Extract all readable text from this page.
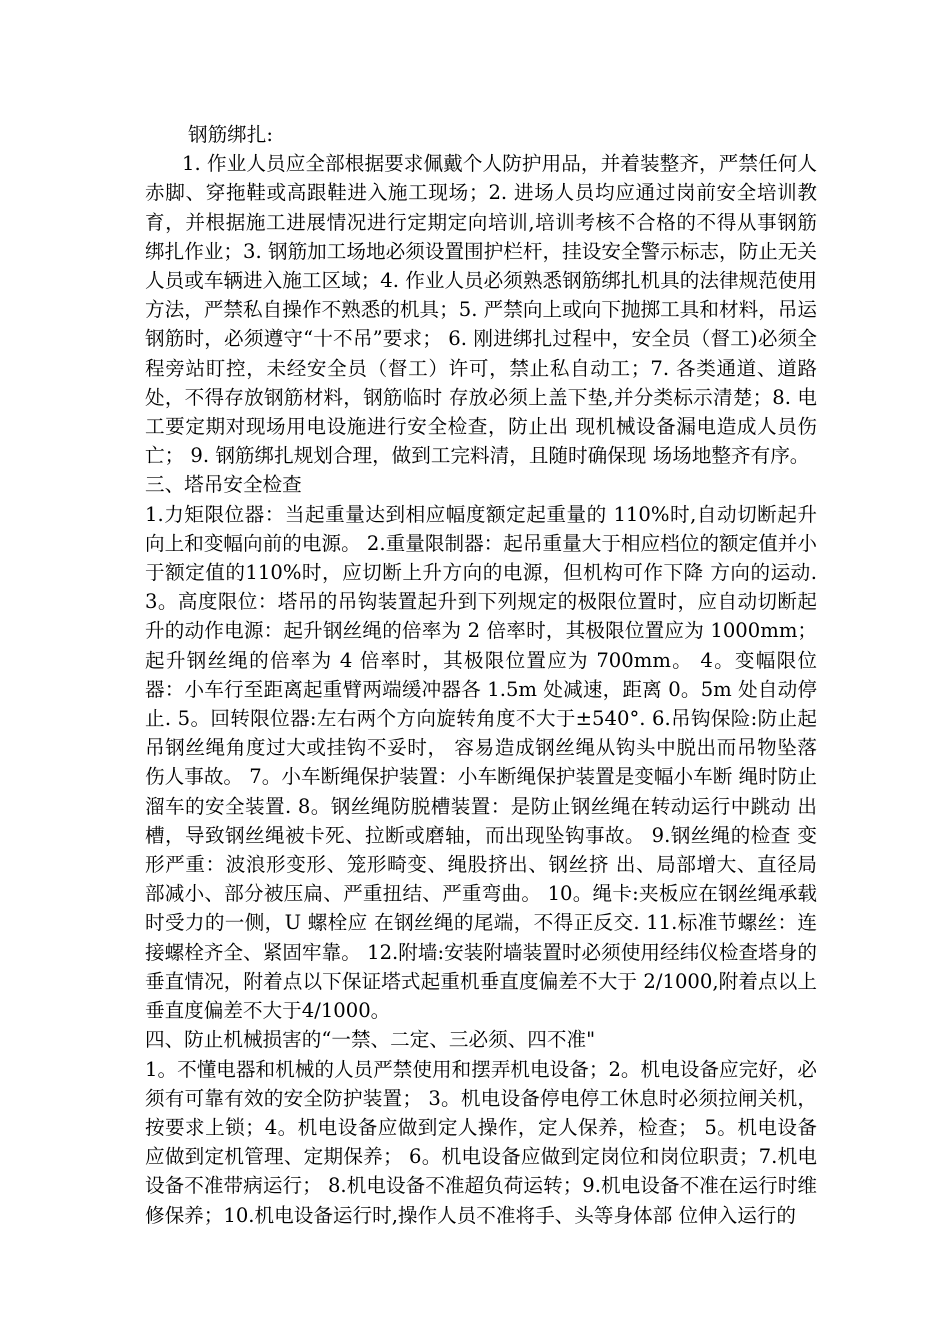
钢筋绑扎:

1. 作业人员应全部根据要求佩戴个人防护用品，并着装整齐，严禁任何人赤脚、穿拖鞋或高跟鞋进入施工现场；2. 进场人员均应通过岗前安全培训教育，并根据施工进展情况进行定期定向培训,培训考核不合格的不得从事钢筋绑扎作业；3. 钢筋加工场地必须设置围护栏杆，挂设安全警示标志，防止无关人员或车辆进入施工区域；4. 作业人员必须熟悉钢筋绑扎机具的法律规范使用方法，严禁私自操作不熟悉的机具；5. 严禁向上或向下抛掷工具和材料，吊运钢筋时，必须遵守“十不吊”要求； 6. 刚进绑扎过程中，安全员（督工)必须全程旁站盯控，未经安全员（督工）许可，禁止私自动工；7. 各类通道、道路处，不得存放钢筋材料，钢筋临时 存放必须上盖下垫,并分类标示清楚；8. 电工要定期对现场用电设施进行安全检查，防止出 现机械设备漏电造成人员伤亡； 9. 钢筋绑扎规划合理，做到工完料清，且随时确保现 场场地整齐有序。

三、塔吊安全检查

1.力矩限位器：当起重量达到相应幅度额定起重量的 110%时,自动切断起升向上和变幅向前的电源。 2.重量限制器：起吊重量大于相应档位的额定值并小于额定值的110%时，应切断上升方向的电源，但机构可作下降 方向的运动. 3。高度限位：塔吊的吊钩装置起升到下列规定的极限位置时，应自动切断起升的动作电源：起升钢丝绳的倍率为 2 倍率时，其极限位置应为 1000mm；起升钢丝绳的倍率为 4 倍率时，其极限位置应为 700mm。 4。变幅限位器：小车行至距离起重臂两端缓冲器各 1.5m 处减速，距离 0。5m 处自动停止. 5。回转限位器:左右两个方向旋转角度不大于±540°. 6.吊钩保险:防止起吊钢丝绳角度过大或挂钩不妥时， 容易造成钢丝绳从钩头中脱出而吊物坠落伤人事故。 7。小车断绳保护装置：小车断绳保护装置是变幅小车断 绳时防止溜车的安全装置. 8。钢丝绳防脱槽装置：是防止钢丝绳在转动运行中跳动 出槽，导致钢丝绳被卡死、拉断或磨轴，而出现坠钩事故。 9.钢丝绳的检查 变形严重：波浪形变形、笼形畸变、绳股挤出、钢丝挤 出、局部增大、直径局部减小、部分被压扁、严重扭结、严重弯曲。 10。绳卡:夹板应在钢丝绳承载时受力的一侧，U 螺栓应 在钢丝绳的尾端，不得正反交. 11.标准节螺丝：连接螺栓齐全、紧固牢靠。 12.附墙:安装附墙装置时必须使用经纬仪检查塔身的垂直情况，附着点以下保证塔式起重机垂直度偏差不大于 2/1000,附着点以上垂直度偏差不大于4/1000。

四、防止机械损害的“一禁、二定、三必须、四不准"

1。不懂电器和机械的人员严禁使用和摆弄机电设备；2。机电设备应完好，必须有可靠有效的安全防护装置； 3。机电设备停电停工休息时必须拉闸关机，按要求上锁；4。机电设备应做到定人操作，定人保养，检查； 5。机电设备应做到定机管理、定期保养； 6。机电设备应做到定岗位和岗位职责；7.机电设备不准带病运行； 8.机电设备不准超负荷运转；9.机电设备不准在运行时维修保养；10.机电设备运行时,操作人员不准将手、头等身体部 位伸入运行的
